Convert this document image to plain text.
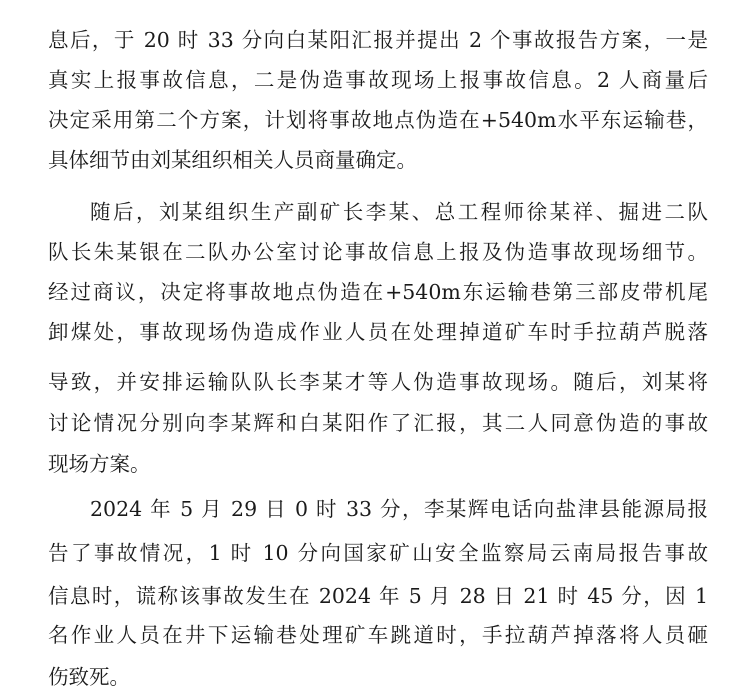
息后，于 20 时 33 分向白某阳汇报并提出 2 个事故报告方案，一是

真实上报事故信息，二是伪造事故现场上报事故信息。2 人商量后

决定采用第二个方案，计划将事故地点伪造在+540m水平东运输巷，

具体细节由刘某组织相关人员商量确定。

随后，刘某组织生产副矿长李某、总工程师徐某祥、掘进二队

队长朱某银在二队办公室讨论事故信息上报及伪造事故现场细节。

经过商议，决定将事故地点伪造在+540m东运输巷第三部皮带机尾

卸煤处，事故现场伪造成作业人员在处理掉道矿车时手拉葫芦脱落

导致，并安排运输队队长李某才等人伪造事故现场。随后，刘某将

讨论情况分别向李某辉和白某阳作了汇报，其二人同意伪造的事故

现场方案。

2024 年 5 月 29 日 0 时 33 分，李某辉电话向盐津县能源局报

告了事故情况，1 时 10 分向国家矿山安全监察局云南局报告事故

信息时，谎称该事故发生在 2024 年 5 月 28 日 21 时 45 分，因 1

名作业人员在井下运输巷处理矿车跳道时，手拉葫芦掉落将人员砸

伤致死。
